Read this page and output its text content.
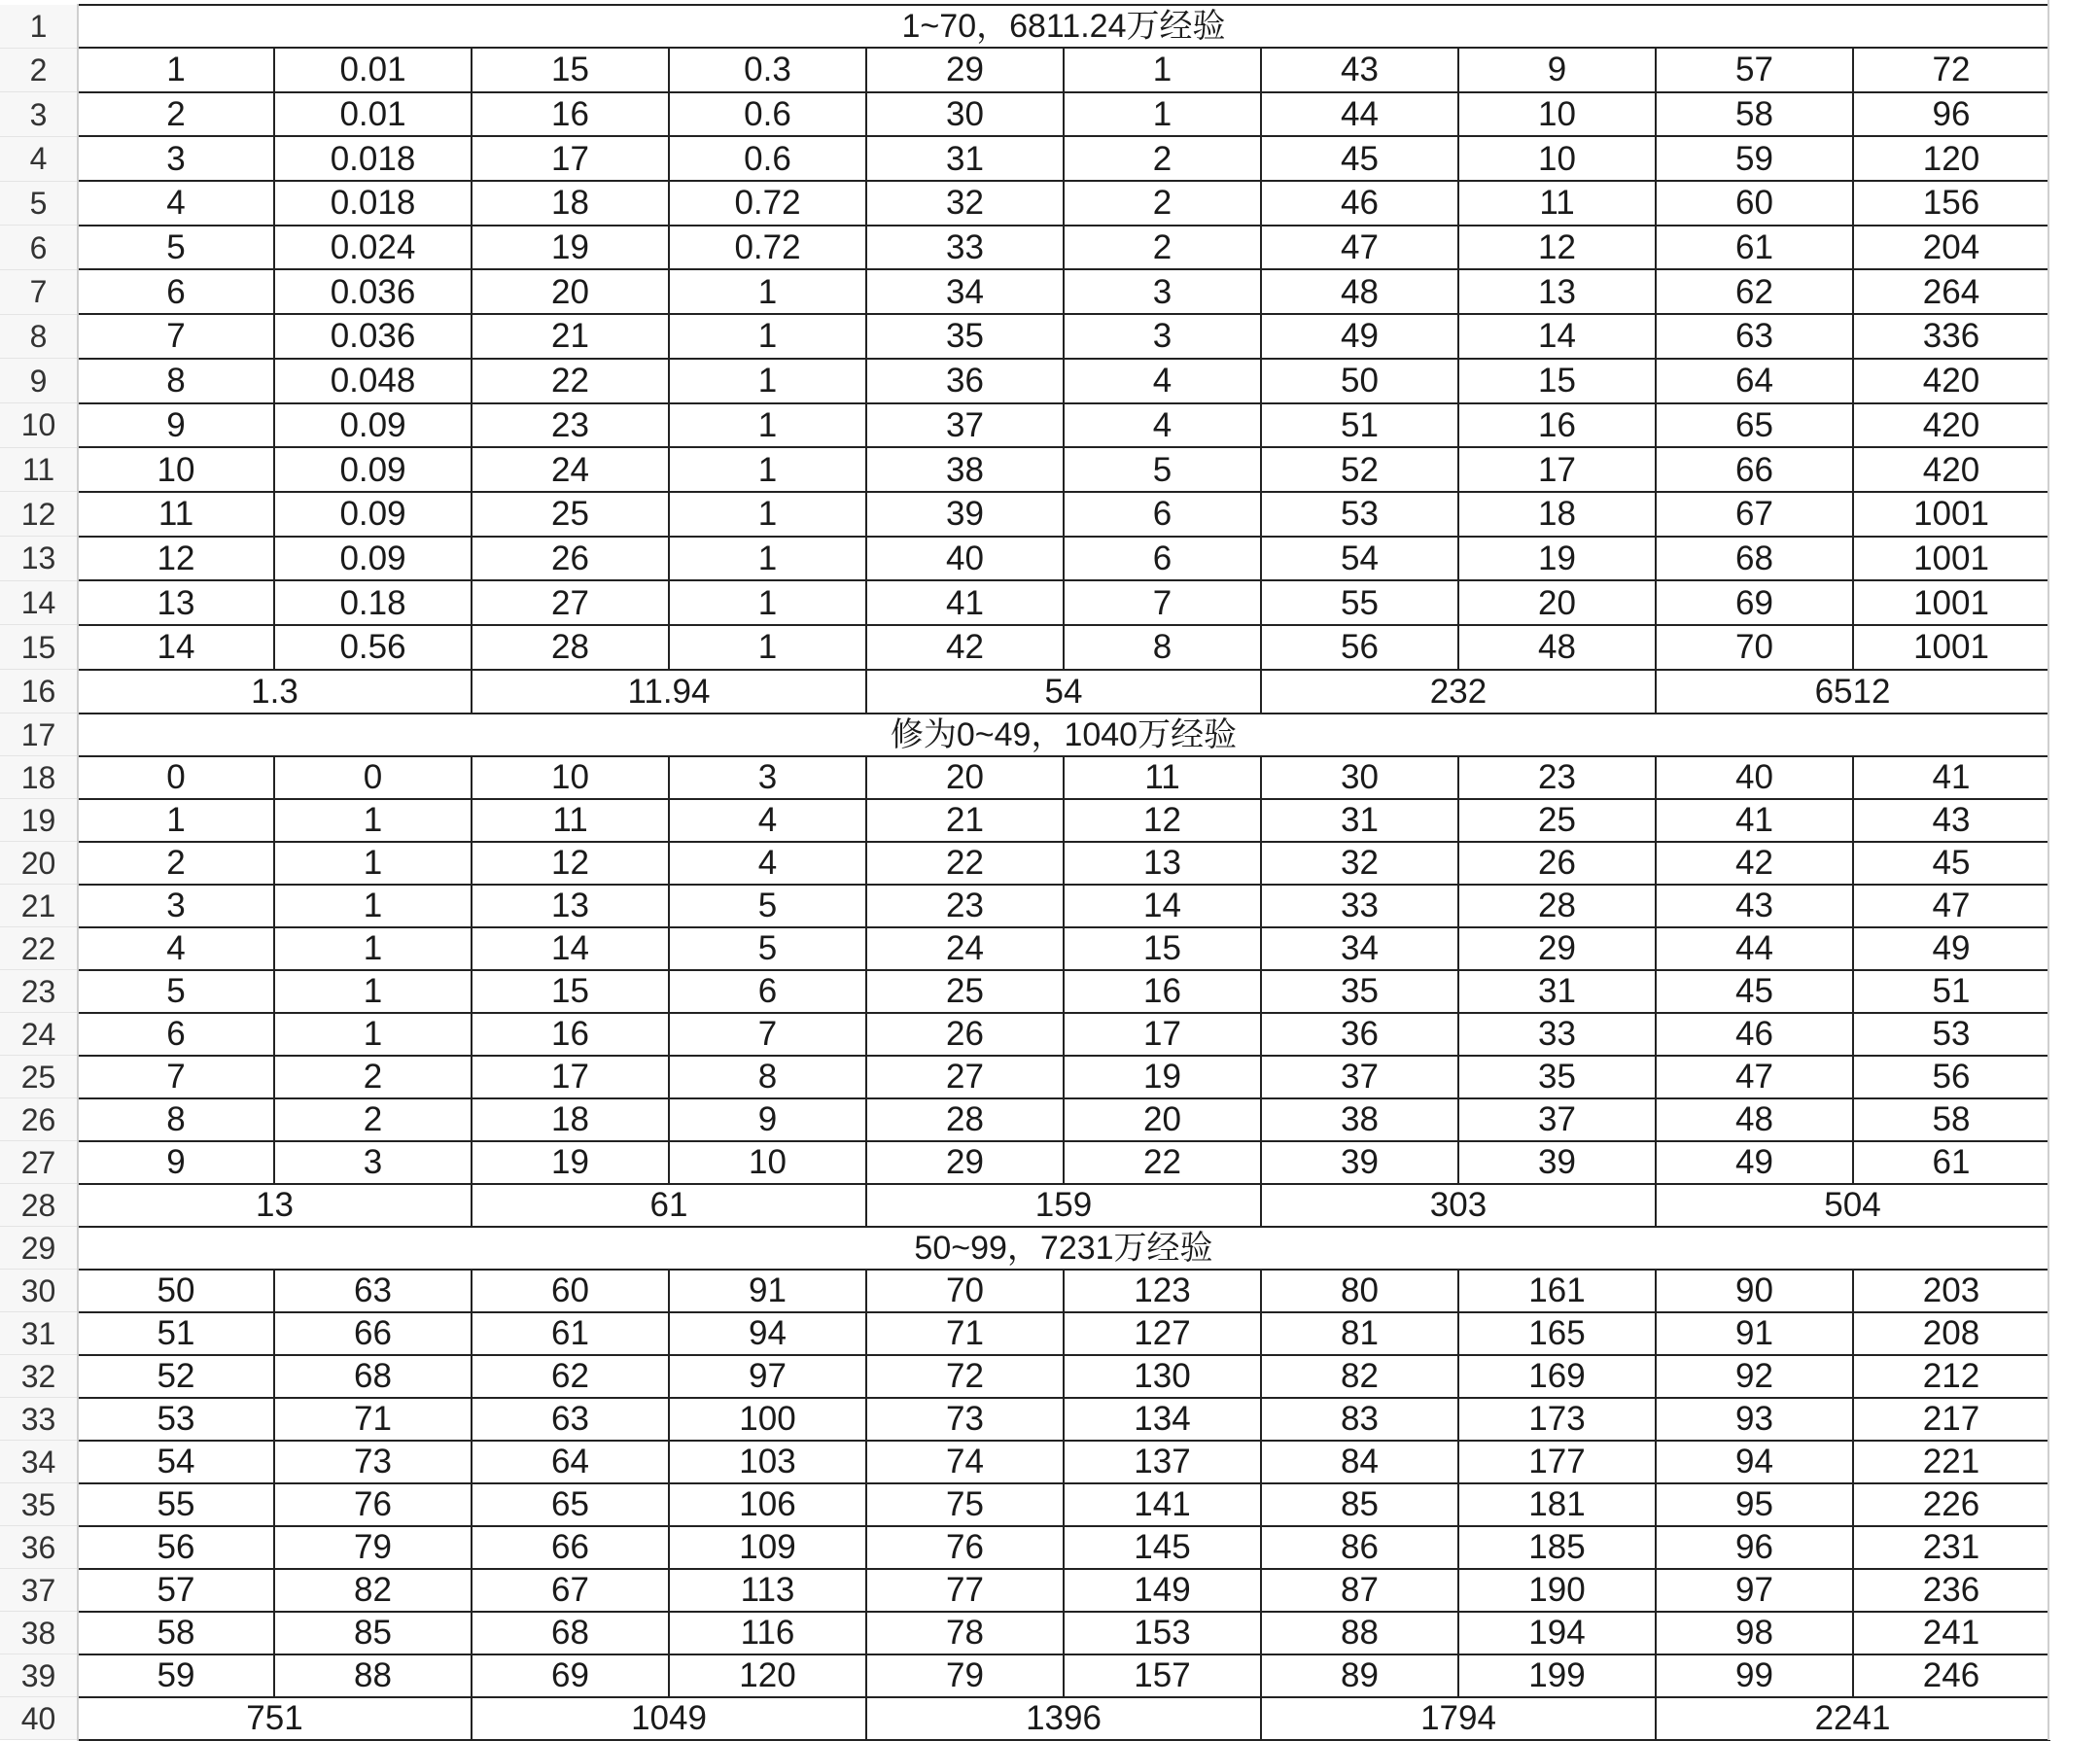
1	1~70，6811.24万经验									
2	1	0.01	15	0.3	29	1	43	9	57	72
3	2	0.01	16	0.6	30	1	44	10	58	96
4	3	0.018	17	0.6	31	2	45	10	59	120
5	4	0.018	18	0.72	32	2	46	11	60	156
6	5	0.024	19	0.72	33	2	47	12	61	204
7	6	0.036	20	1	34	3	48	13	62	264
8	7	0.036	21	1	35	3	49	14	63	336
9	8	0.048	22	1	36	4	50	15	64	420
10	9	0.09	23	1	37	4	51	16	65	420
11	10	0.09	24	1	38	5	52	17	66	420
12	11	0.09	25	1	39	6	53	18	67	1001
13	12	0.09	26	1	40	6	54	19	68	1001
14	13	0.18	27	1	41	7	55	20	69	1001
15	14	0.56	28	1	42	8	56	48	70	1001
16	1.3		11.94		54		232		6512	
17	修为0~49，1040万经验									
18	0	0	10	3	20	11	30	23	40	41
19	1	1	11	4	21	12	31	25	41	43
20	2	1	12	4	22	13	32	26	42	45
21	3	1	13	5	23	14	33	28	43	47
22	4	1	14	5	24	15	34	29	44	49
23	5	1	15	6	25	16	35	31	45	51
24	6	1	16	7	26	17	36	33	46	53
25	7	2	17	8	27	19	37	35	47	56
26	8	2	18	9	28	20	38	37	48	58
27	9	3	19	10	29	22	39	39	49	61
28	13		61		159		303		504	
29	50~99，7231万经验									
30	50	63	60	91	70	123	80	161	90	203
31	51	66	61	94	71	127	81	165	91	208
32	52	68	62	97	72	130	82	169	92	212
33	53	71	63	100	73	134	83	173	93	217
34	54	73	64	103	74	137	84	177	94	221
35	55	76	65	106	75	141	85	181	95	226
36	56	79	66	109	76	145	86	185	96	231
37	57	82	67	113	77	149	87	190	97	236
38	58	85	68	116	78	153	88	194	98	241
39	59	88	69	120	79	157	89	199	99	246
40	751		1049		1396		1794		2241	
